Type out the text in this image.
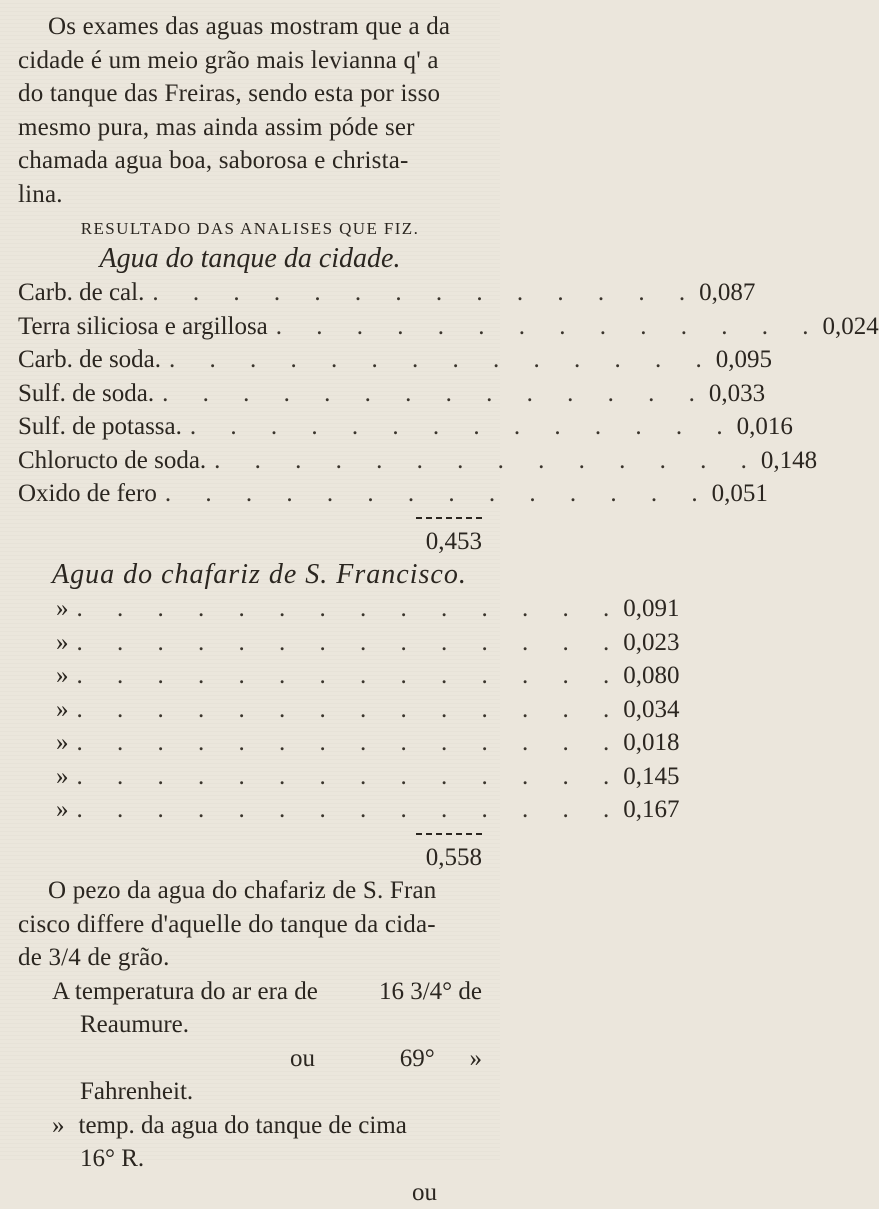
Os exames das aguas mostram que a da

cidade é um meio grão mais levianna q' a

do tanque das Freiras, sendo esta por isso

mesmo pura, mas ainda assim póde ser

chamada agua boa, saborosa e christa-

lina.

RESULTADO DAS ANALISES QUE FIZ.
Agua do tanque da cidade.
Carb. de cal. . . . . . . . . . . . . . . 0,087
Terra siliciosa e argillosa . . . . . . . . . . . . . . 0,024
Carb. de soda. . . . . . . . . . . . . . . 0,095
Sulf. de soda. . . . . . . . . . . . . . . 0,033
Sulf. de potassa. . . . . . . . . . . . . . . 0,016
Chloructo de soda. . . . . . . . . . . . . . . 0,148
Oxido de fero . . . . . . . . . . . . . . 0,051
0,453
Agua do chafariz de S. Francisco.
» . . . . . . . . . . . . . . 0,091
» . . . . . . . . . . . . . . 0,023
» . . . . . . . . . . . . . . 0,080
» . . . . . . . . . . . . . . 0,034
» . . . . . . . . . . . . . . 0,018
» . . . . . . . . . . . . . . 0,145
» . . . . . . . . . . . . . . 0,167
0,558

O pezo da agua do chafariz de S. Fran

cisco differe d'aquelle do tanque da cida-

de 3/4 de grão.

A temperatura do ar era de 16 3/4° de
Reaumure.
ou	69°	»
Fahrenheit.
» temp. da agua do tanque de cima
16° R.
ou
